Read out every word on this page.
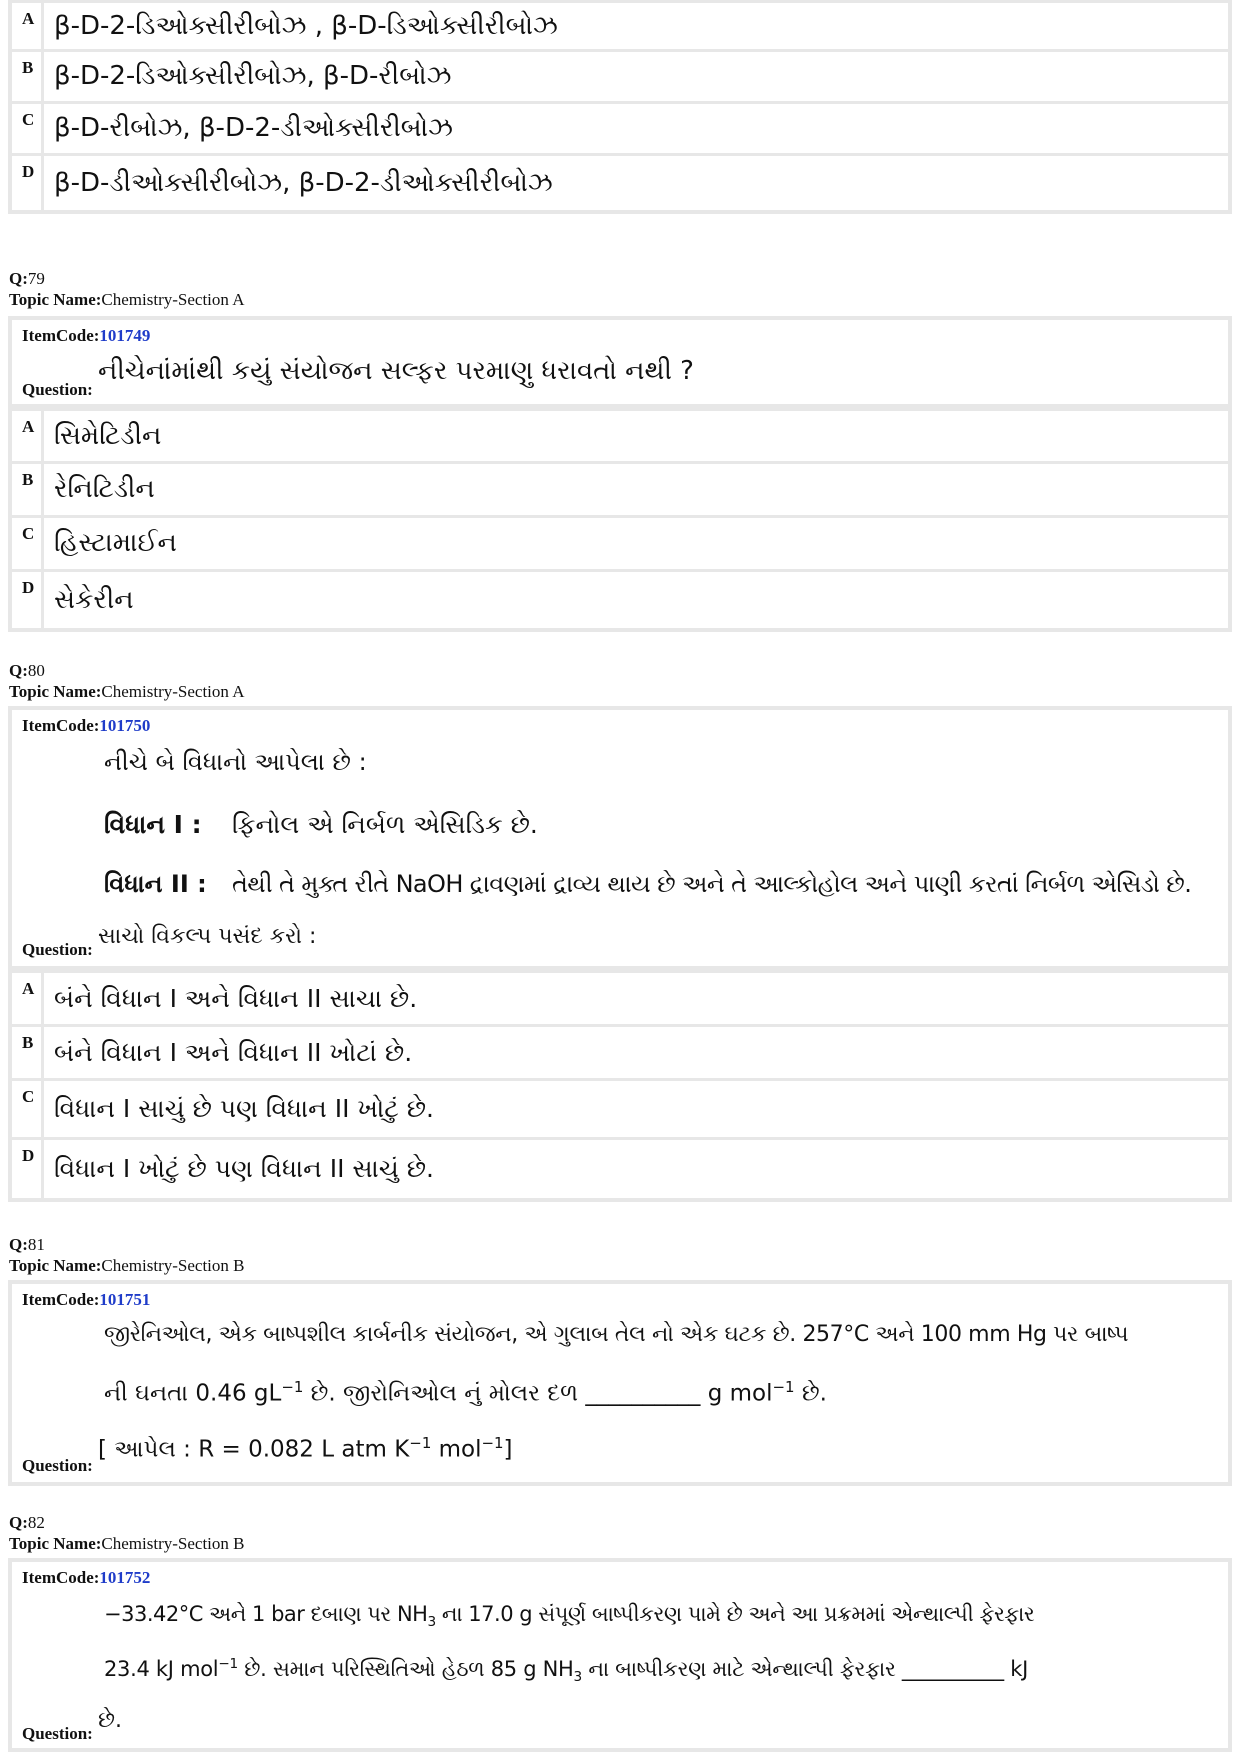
A β-D-2-ડિઓક્સીરીબોઝ , β-D-ડિઓક્સીરીબોઝ
B β-D-2-ડિઓક્સીરીબોઝ, β-D-રીબોઝ
C β-D-રીબોઝ, β-D-2-ડીઓક્સીરીબોઝ
D β-D-ડીઓક્સીરીબોઝ, β-D-2-ડીઓક્સીરીબોઝ
Q:79
Topic Name:Chemistry-Section A
ItemCode:101749
નીચેનાંમાંથી કયું સંયોજન સલ્ફર પરમાણુ ધરાવતો નથી ?
Question:
A સિમેટિડીન
B રેનિટિડીન
C હિસ્ટામાઈન
D સેકેરીન
Q:80
Topic Name:Chemistry-Section A
ItemCode:101750
નીચે બે વિધાનો આપેલા છે :
વિધાન I : ફિનોલ એ નિર્બળ એસિડિક છે.
વિધાન II : તેથી તે મુક્ત રીતે NaOH દ્રાવણમાં દ્રાવ્ય થાય છે અને તે આલ્કોહોલ અને પાણી કરતાં નિર્બળ એસિડો છે.
સાચો વિકલ્પ પસંદ કરો :
Question:
A બંને વિધાન I અને વિધાન II સાચા છે.
B બંને વિધાન I અને વિધાન II ખોટાં છે.
C વિધાન I સાચું છે પણ વિધાન II ખોટું છે.
D વિધાન I ખોટું છે પણ વિધાન II સાચું છે.
Q:81
Topic Name:Chemistry-Section B
ItemCode:101751
જીરેનિઓલ, એક બાષ્પશીલ કાર્બનીક સંયોજન, એ ગુલાબ તેલ નો એક ઘટક છે. 257°C અને 100 mm Hg પર બાષ્પ
ની ઘનતા 0.46 $gL^{-1}$ છે. જીરોનિઓલ નું મોલર દળ __________ g mol$^{-1}$ છે.
[ આપેલ : R = 0.082 L atm $K^{-1}$ mol$^{-1}$]
Question:
Q:82
Topic Name:Chemistry-Section B
ItemCode:101752
−33.42°C અને 1 bar દબાણ પર $NH_3$ ના 17.0 g સંપૂર્ણ બાષ્પીકરણ પામે છે અને આ પ્રક્રમમાં એન્થાલ્પી ફેરફાર
23.4 kJ mol$^{-1}$ છે. સમાન પરિસ્થિતિઓ હેઠળ 85 g $NH_3$ ના બાષ્પીકરણ માટે એન્થાલ્પી ફેરફાર __________ kJ
છે.
Question:
